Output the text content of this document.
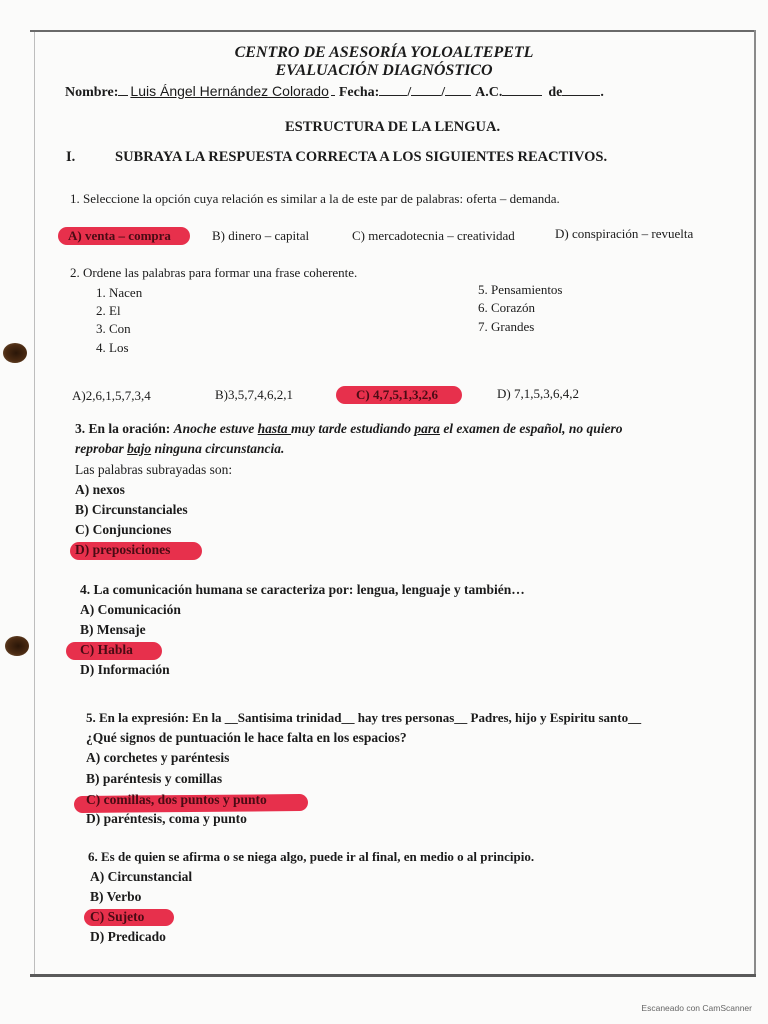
CENTRO DE ASESORÍA YOLOALTEPETL
EVALUACIÓN DIAGNÓSTICO
Nombre: Luis Ángel Hernández Colorado Fecha: / / A.C.	de	.
ESTRUCTURA DE LA LENGUA.
I.	SUBRAYA LA RESPUESTA CORRECTA A LOS SIGUIENTES REACTIVOS.
1. Seleccione la opción cuya relación es similar a la de este par de palabras: oferta – demanda.
A) venta – compra	B) dinero – capital	C) mercadotecnia – creatividad	D) conspiración – revuelta
2. Ordene las palabras para formar una frase coherente.
1. Nacen
2. El
3. Con
4. Los
5. Pensamientos
6. Corazón
7. Grandes
A)2,6,1,5,7,3,4	B)3,5,7,4,6,2,1	C) 4,7,5,1,3,2,6	D) 7,1,5,3,6,4,2
3. En la oración: Anoche estuve hasta muy tarde estudiando para el examen de español, no quiero
reprobar bajo ninguna circunstancia.
Las palabras subrayadas son:
A) nexos
B) Circunstanciales
C) Conjunciones
D) preposiciones
4. La comunicación humana se caracteriza por: lengua, lenguaje y también…
A) Comunicación
B) Mensaje
C) Habla
D) Información
5. En la expresión: En la __Santisima trinidad__ hay tres personas__ Padres, hijo y Espiritu santo__
¿Qué signos de puntuación le hace falta en los espacios?
A) corchetes y paréntesis
B) paréntesis y comillas
C) comillas, dos puntos y punto
D) paréntesis, coma y punto
6. Es de quien se afirma o se niega algo, puede ir al final, en medio o al principio.
A) Circunstancial
B) Verbo
C) Sujeto
D) Predicado
Escaneado con CamScanner
